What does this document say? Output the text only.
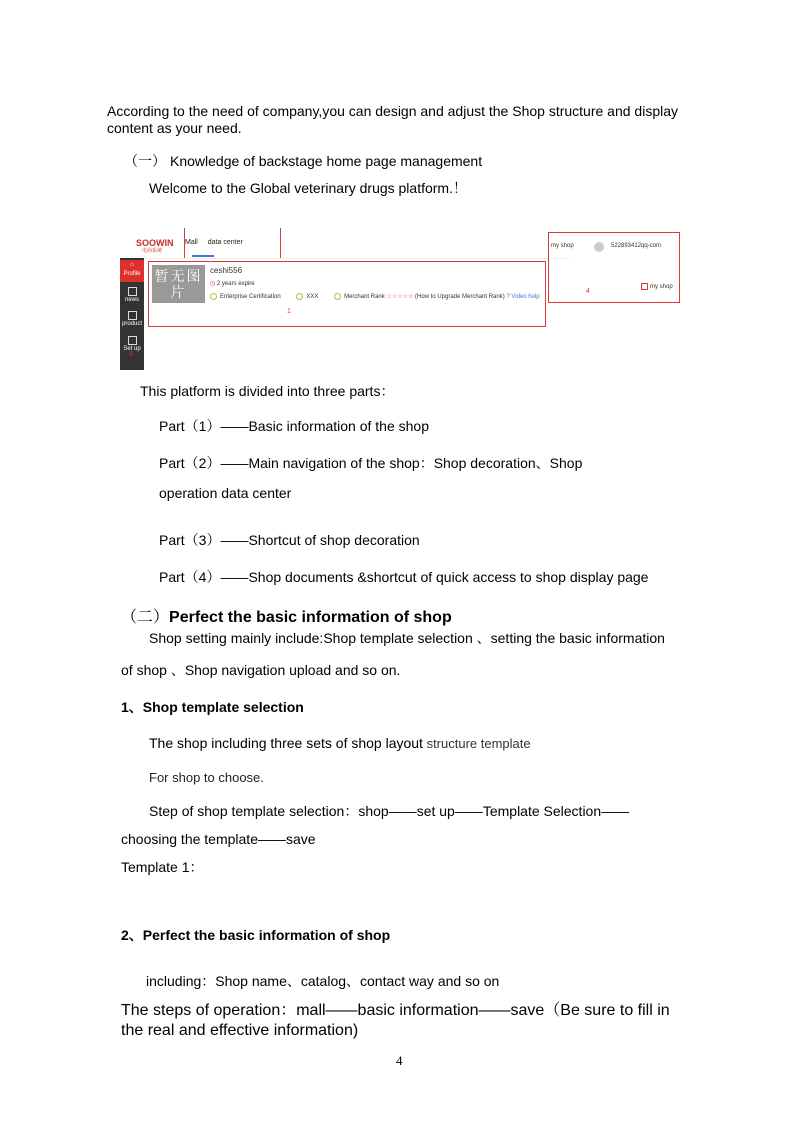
According to the need of company,you can design and adjust the Shop structure and display
content as your need.
（一） Knowledge of backstage home page management
Welcome to the Global veterinary drugs platform.！
SOOWIN
电商系统
Mall data center
⌂
Profile
news
product
Set up
3
暂无图片
ceshi556
◷ 2 years expire
Enterprise Certification	XXX	Merchant Rank ☆☆☆☆☆ (How to Upgrade Merchant Rank) ? Video help
1
my shop	522893412qq-com
4
my shop
This platform is divided into three parts：
Part（1）——Basic information of the shop
Part（2）——Main navigation of the shop：Shop decoration、Shop
operation data center
Part（3）——Shortcut of shop decoration
Part（4）——Shop documents &shortcut of quick access to shop display page
（二）Perfect the basic information of shop
Shop setting mainly include:Shop template selection 、setting the basic information
of shop 、Shop navigation upload and so on.
1、Shop template selection
The shop including three sets of shop layout structure template
For shop to choose.
Step of shop template selection：shop——set up——Template Selection——
choosing the template——save
Template 1：
2、Perfect the basic information of shop
including：Shop name、catalog、contact way and so on
The steps of operation：mall——basic information——save（Be sure to fill in
the real and effective information)
4
